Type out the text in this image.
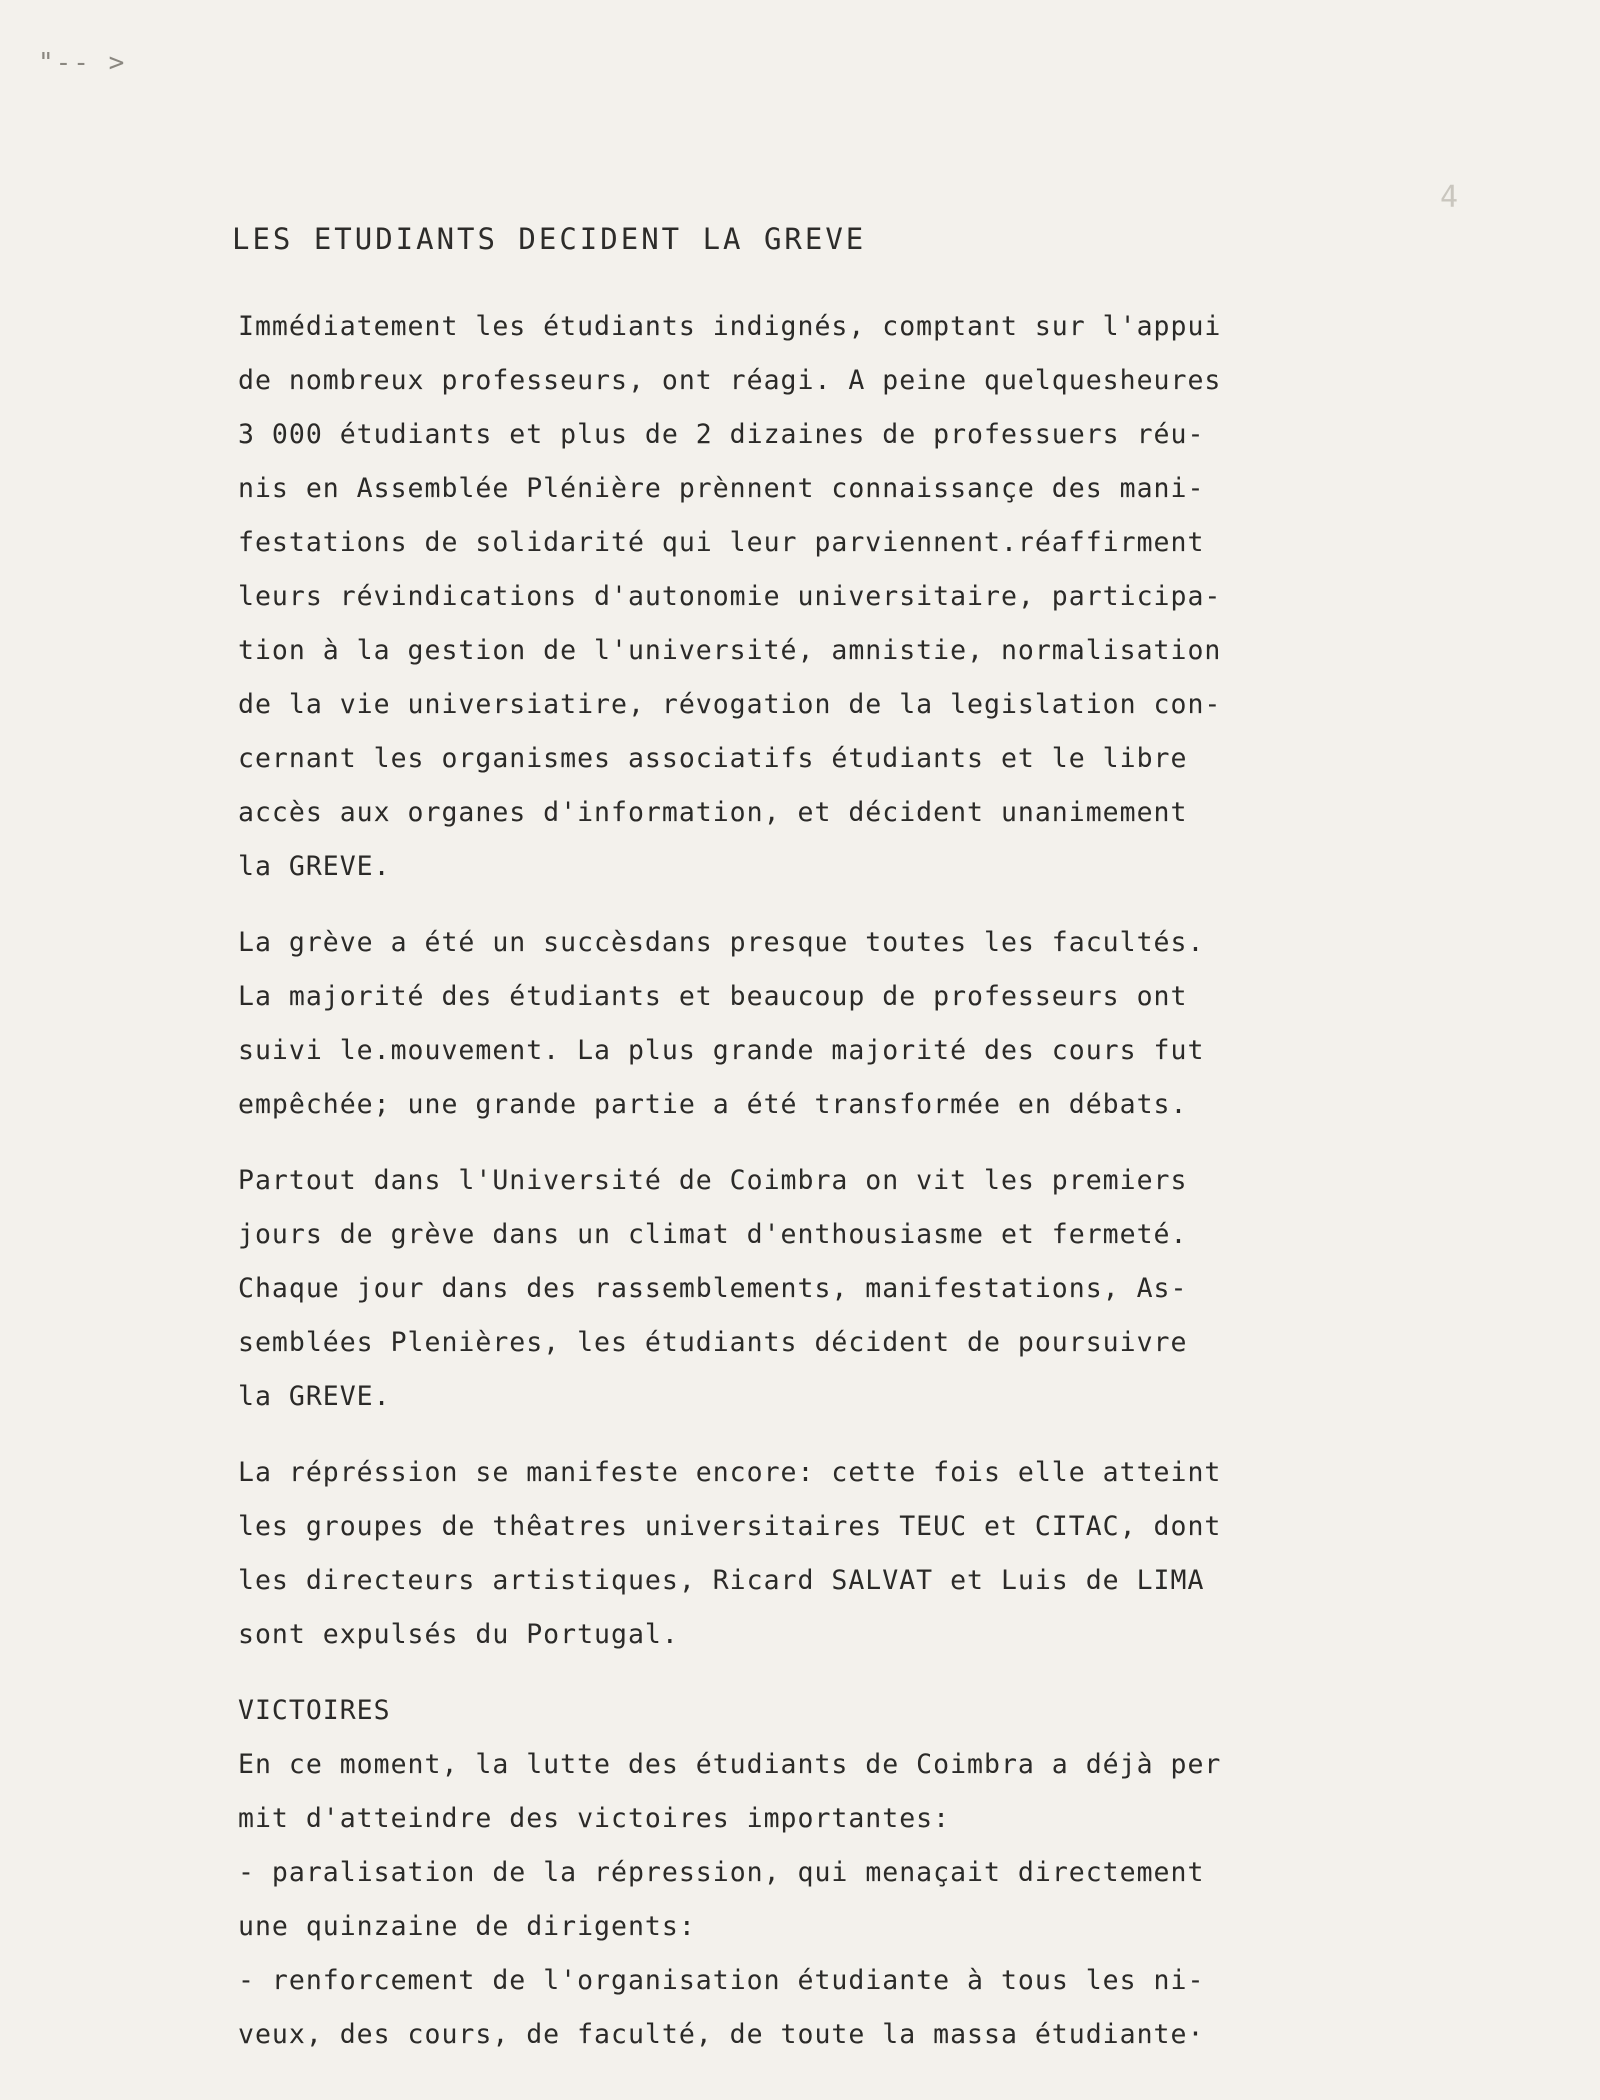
"-- >
4
LES ETUDIANTS DECIDENT LA GREVE

Immédiatement les étudiants indignés, comptant sur l'appui
de nombreux professeurs, ont réagi. A peine quelquesheures
3 000 étudiants et plus de 2 dizaines de professuers réu-
nis en Assemblée Plénière prènnent connaissançe des mani-
festations de solidarité qui leur parviennent.réaffirment
leurs révindications d'autonomie universitaire, participa-
tion à la gestion de l'université, amnistie, normalisation
de la vie universiatire, révogation de la legislation con-
cernant les organismes associatifs étudiants et le libre
accès aux organes d'information, et décident unanimement
la GREVE.

La grève a été un succèsdans presque toutes les facultés.
La majorité des étudiants et beaucoup de professeurs ont
suivi le.mouvement. La plus grande majorité des cours fut
empêchée; une grande partie a été transformée en débats.

Partout dans l'Université de Coimbra on vit les premiers
jours de grève dans un climat d'enthousiasme et fermeté.
Chaque jour dans des rassemblements, manifestations, As-
semblées Plenières, les étudiants décident de poursuivre
la GREVE.

La répréssion se manifeste encore: cette fois elle atteint
les groupes de thêatres universitaires TEUC et CITAC, dont
les directeurs artistiques, Ricard SALVAT et Luis de LIMA
sont expulsés du Portugal.

VICTOIRES

En ce moment, la lutte des étudiants de Coimbra a déjà per
mit d'atteindre des victoires importantes:

- paralisation de la répression, qui menaçait directement
une quinzaine de dirigents:
- renforcement de l'organisation étudiante à tous les ni-
veux, des cours, de faculté, de toute la massa étudiante·
